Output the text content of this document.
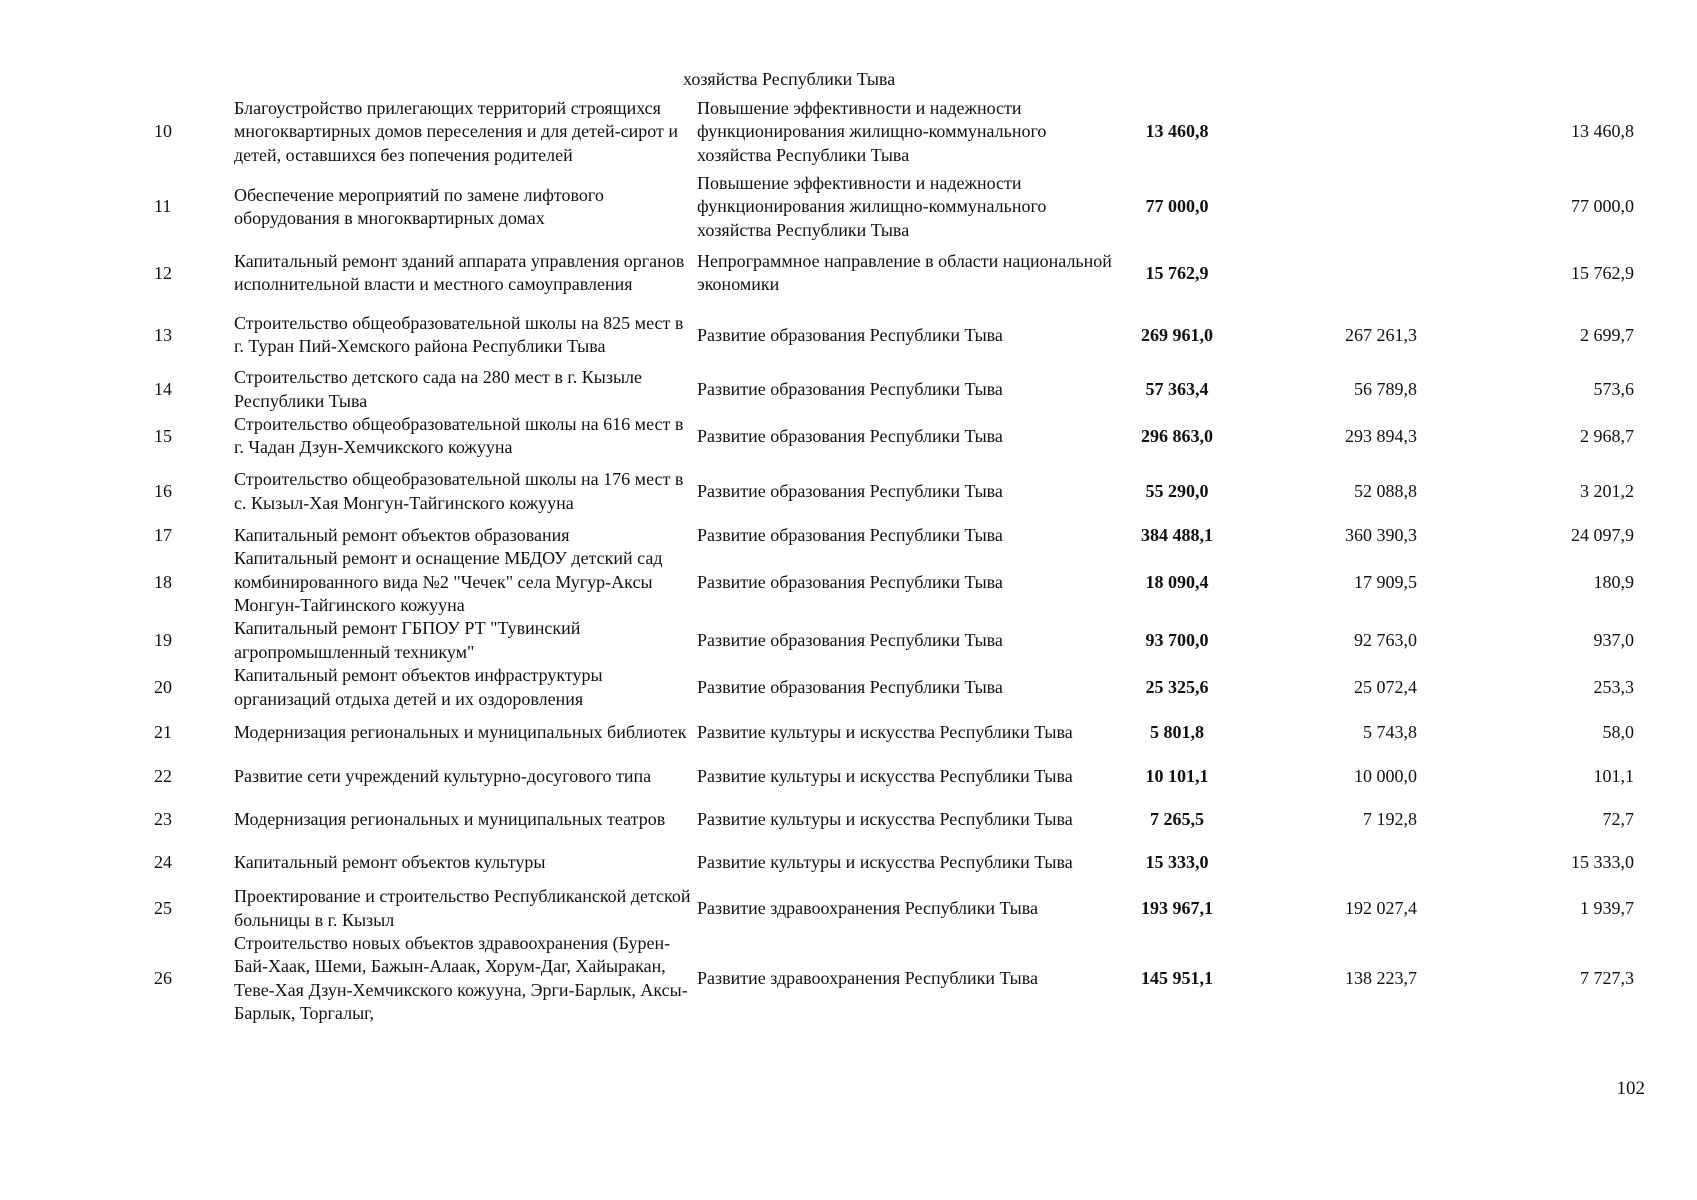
хозяйства Республики Тыва
10	Благоустройство прилегающих территорий строящихся многоквартирных домов переселения и для детей-сирот и детей, оставшихся без попечения родителей	Повышение эффективности и надежности функционирования жилищно-коммунального хозяйства Республики Тыва	13 460,8		13 460,8
11	Обеспечение мероприятий по замене лифтового оборудования в многоквартирных домах	Повышение эффективности и надежности функционирования жилищно-коммунального хозяйства Республики Тыва	77 000,0		77 000,0
12	Капитальный ремонт зданий аппарата управления органов исполнительной власти и местного самоуправления	Непрограммное направление в области национальной экономики	15 762,9		15 762,9
13	Строительство общеобразовательной школы на 825 мест в г. Туран Пий-Хемского района Республики Тыва	Развитие образования Республики Тыва	269 961,0	267 261,3	2 699,7
14	Строительство детского сада на 280 мест в г. Кызыле Республики Тыва	Развитие образования Республики Тыва	57 363,4	56 789,8	573,6
15	Строительство общеобразовательной школы на 616 мест в г. Чадан Дзун-Хемчикского кожууна	Развитие образования Республики Тыва	296 863,0	293 894,3	2 968,7
16	Строительство общеобразовательной школы на 176 мест в с. Кызыл-Хая Монгун-Тайгинского кожууна	Развитие образования Республики Тыва	55 290,0	52 088,8	3 201,2
17	Капитальный ремонт объектов образования	Развитие образования Республики Тыва	384 488,1	360 390,3	24 097,9
18	Капитальный ремонт и оснащение МБДОУ детский сад комбинированного вида №2 "Чечек" села Мугур-Аксы Монгун-Тайгинского кожууна	Развитие образования Республики Тыва	18 090,4	17 909,5	180,9
19	Капитальный ремонт ГБПОУ РТ "Тувинский агропромышленный техникум"	Развитие образования Республики Тыва	93 700,0	92 763,0	937,0
20	Капитальный ремонт объектов инфраструктуры организаций отдыха детей и их оздоровления	Развитие образования Республики Тыва	25 325,6	25 072,4	253,3
21	Модернизация региональных и муниципальных библиотек	Развитие культуры и искусства Республики Тыва	5 801,8	5 743,8	58,0
22	Развитие сети учреждений культурно-досугового типа	Развитие культуры и искусства Республики Тыва	10 101,1	10 000,0	101,1
23	Модернизация региональных и муниципальных театров	Развитие культуры и искусства Республики Тыва	7 265,5	7 192,8	72,7
24	Капитальный ремонт объектов культуры	Развитие культуры и искусства Республики Тыва	15 333,0		15 333,0
25	Проектирование и строительство Республиканской детской больницы в г. Кызыл	Развитие здравоохранения Республики Тыва	193 967,1	192 027,4	1 939,7
26	Строительство новых объектов здравоохранения (Бурен-Бай-Хаак, Шеми, Бажын-Алаак, Хорум-Даг, Хайыракан, Теве-Хая Дзун-Хемчикского кожууна, Эрги-Барлык, Аксы-Барлык, Торгалыг,	Развитие здравоохранения Республики Тыва	145 951,1	138 223,7	7 727,3
102
